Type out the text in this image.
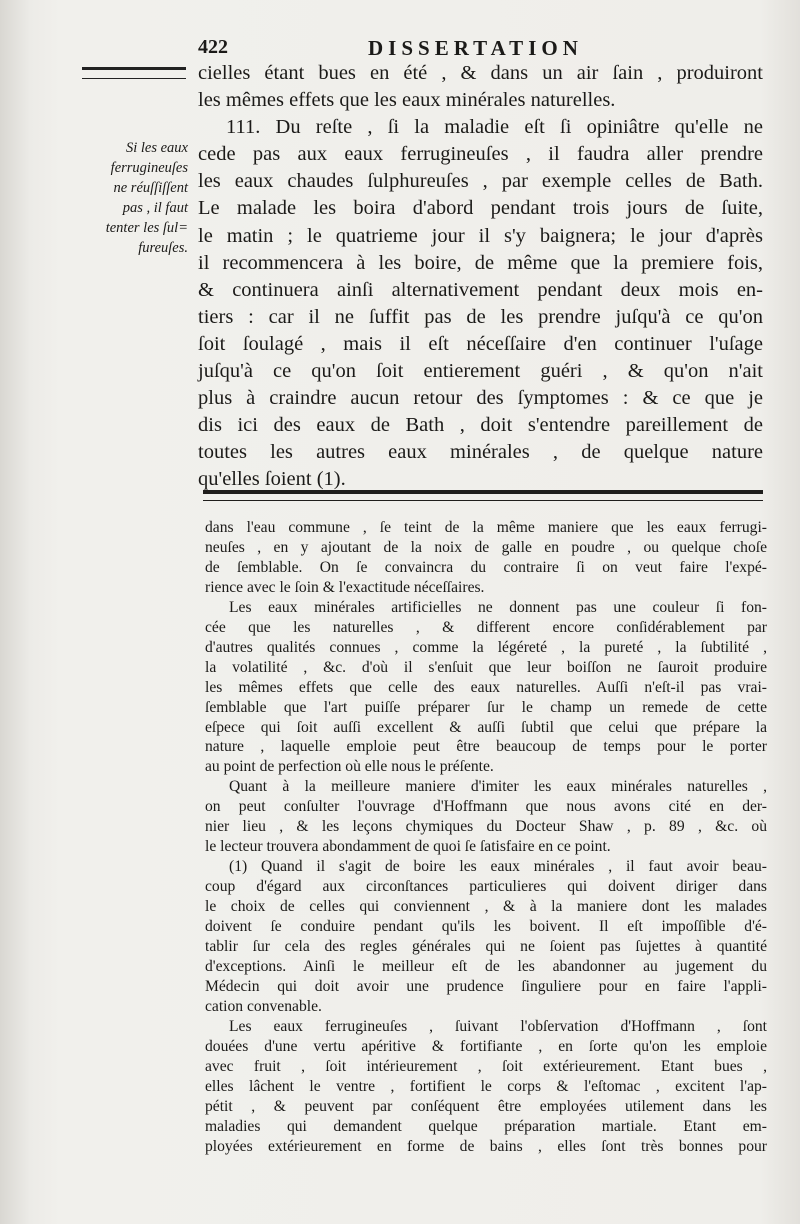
422	DISSERTATION
Si les eaux
ferrugineuſes
ne réuſſiſſent
pas , il faut
tenter les ſul=
fureuſes.
cielles étant bues en été , & dans un air ſain , produiront
les mêmes effets que les eaux minérales naturelles.
111. Du reſte , ſi la maladie eſt ſi opiniâtre qu'elle ne
cede pas aux eaux ferrugineuſes , il faudra aller prendre
les eaux chaudes ſulphureuſes , par exemple celles de Bath.
Le malade les boira d'abord pendant trois jours de ſuite,
le matin ; le quatrieme jour il s'y baignera; le jour d'après
il recommencera à les boire, de même que la premiere fois,
& continuera ainſi alternativement pendant deux mois en-
tiers : car il ne ſuffit pas de les prendre juſqu'à ce qu'on
ſoit ſoulagé , mais il eſt néceſſaire d'en continuer l'uſage
juſqu'à ce qu'on ſoit entierement guéri , & qu'on n'ait
plus à craindre aucun retour des ſymptomes : & ce que je
dis ici des eaux de Bath , doit s'entendre pareillement de
toutes les autres eaux minérales , de quelque nature
qu'elles ſoient (1).
dans l'eau commune , ſe teint de la même maniere que les eaux ferrugi-
neuſes , en y ajoutant de la noix de galle en poudre , ou quelque choſe
de ſemblable. On ſe convaincra du contraire ſi on veut faire l'expé-
rience avec le ſoin & l'exactitude néceſſaires.
Les eaux minérales artificielles ne donnent pas une couleur ſi fon-
cée que les naturelles , & different encore conſidérablement par
d'autres qualités connues , comme la légéreté , la pureté , la ſubtilité ,
la volatilité , &c. d'où il s'enſuit que leur boiſſon ne ſauroit produire
les mêmes effets que celle des eaux naturelles. Auſſi n'eſt-il pas vrai-
ſemblable que l'art puiſſe préparer ſur le champ un remede de cette
eſpece qui ſoit auſſi excellent & auſſi ſubtil que celui que prépare la
nature , laquelle emploie peut être beaucoup de temps pour le porter
au point de perfection où elle nous le préſente.
Quant à la meilleure maniere d'imiter les eaux minérales naturelles ,
on peut conſulter l'ouvrage d'Hoffmann que nous avons cité en der-
nier lieu , & les leçons chymiques du Docteur Shaw , p. 89 , &c. où
le lecteur trouvera abondamment de quoi ſe ſatisfaire en ce point.
(1) Quand il s'agit de boire les eaux minérales , il faut avoir beau-
coup d'égard aux circonſtances particulieres qui doivent diriger dans
le choix de celles qui conviennent , & à la maniere dont les malades
doivent ſe conduire pendant qu'ils les boivent. Il eſt impoſſible d'é-
tablir ſur cela des regles générales qui ne ſoient pas ſujettes à quantité
d'exceptions. Ainſi le meilleur eſt de les abandonner au jugement du
Médecin qui doit avoir une prudence ſinguliere pour en faire l'appli-
cation convenable.
Les eaux ferrugineuſes , ſuivant l'obſervation d'Hoffmann , ſont
douées d'une vertu apéritive & fortifiante , en ſorte qu'on les emploie
avec fruit , ſoit intérieurement , ſoit extérieurement. Etant bues ,
elles lâchent le ventre , fortifient le corps & l'eſtomac , excitent l'ap-
pétit , & peuvent par conſéquent être employées utilement dans les
maladies qui demandent quelque préparation martiale. Etant em-
ployées extérieurement en forme de bains , elles ſont très bonnes pour
